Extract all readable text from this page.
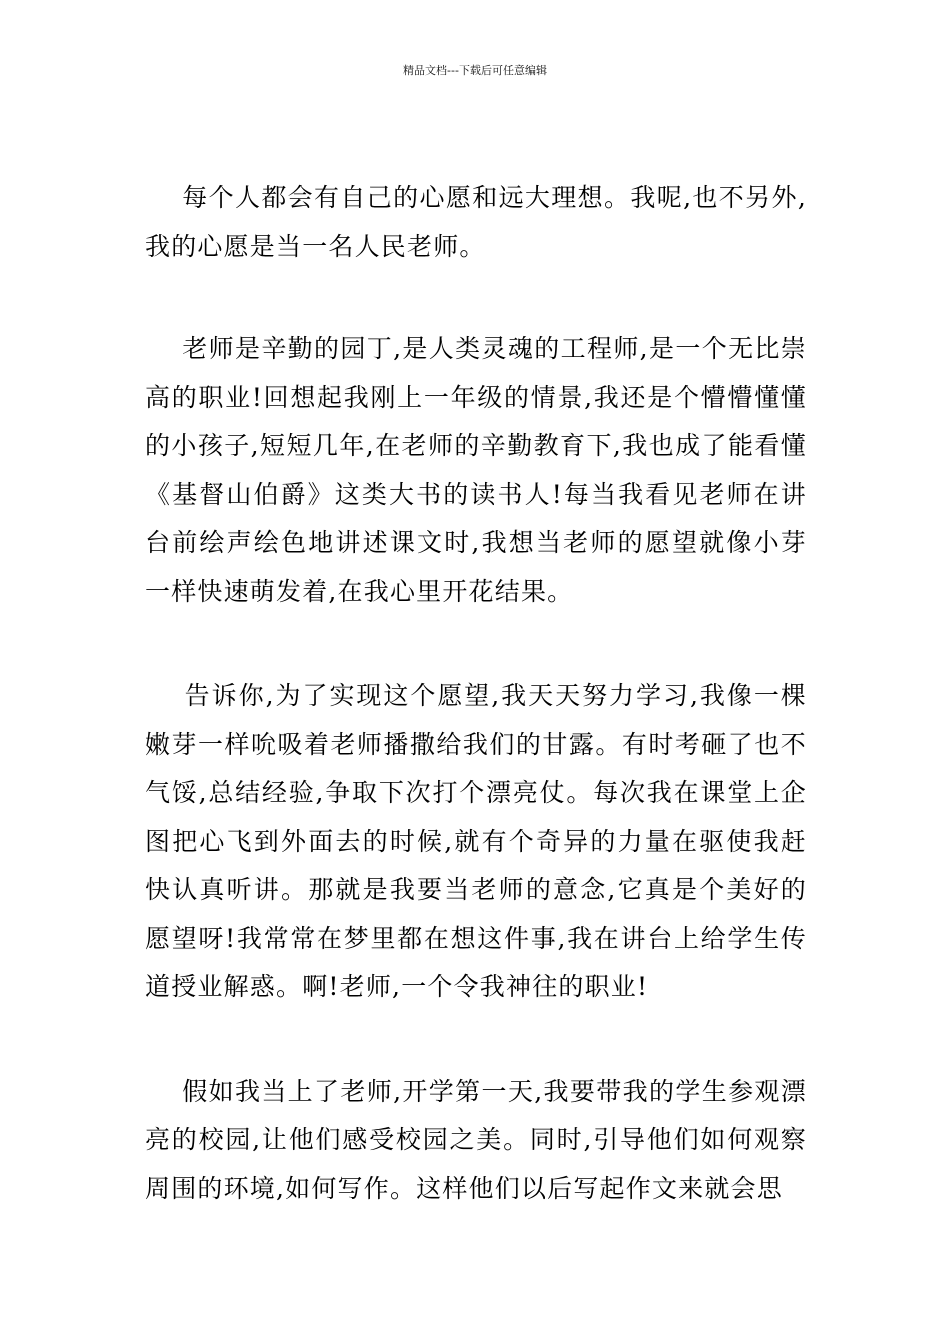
精品文档---下载后可任意编辑

每个人都会有自己的心愿和远大理想。我呢,也不另外,我的心愿是当一名人民老师。

老师是辛勤的园丁,是人类灵魂的工程师,是一个无比崇高的职业!回想起我刚上一年级的情景,我还是个懵懵懂懂的小孩子,短短几年,在老师的辛勤教育下,我也成了能看懂《基督山伯爵》这类大书的读书人!每当我看见老师在讲台前绘声绘色地讲述课文时,我想当老师的愿望就像小芽一样快速萌发着,在我心里开花结果。

告诉你,为了实现这个愿望,我天天努力学习,我像一棵嫩芽一样吮吸着老师播撒给我们的甘露。有时考砸了也不气馁,总结经验,争取下次打个漂亮仗。每次我在课堂上企图把心飞到外面去的时候,就有个奇异的力量在驱使我赶快认真听讲。那就是我要当老师的意念,它真是个美好的愿望呀!我常常在梦里都在想这件事,我在讲台上给学生传道授业解惑。啊!老师,一个令我神往的职业!

假如我当上了老师,开学第一天,我要带我的学生参观漂亮的校园,让他们感受校园之美。同时,引导他们如何观察周围的环境,如何写作。这样他们以后写起作文来就会思
